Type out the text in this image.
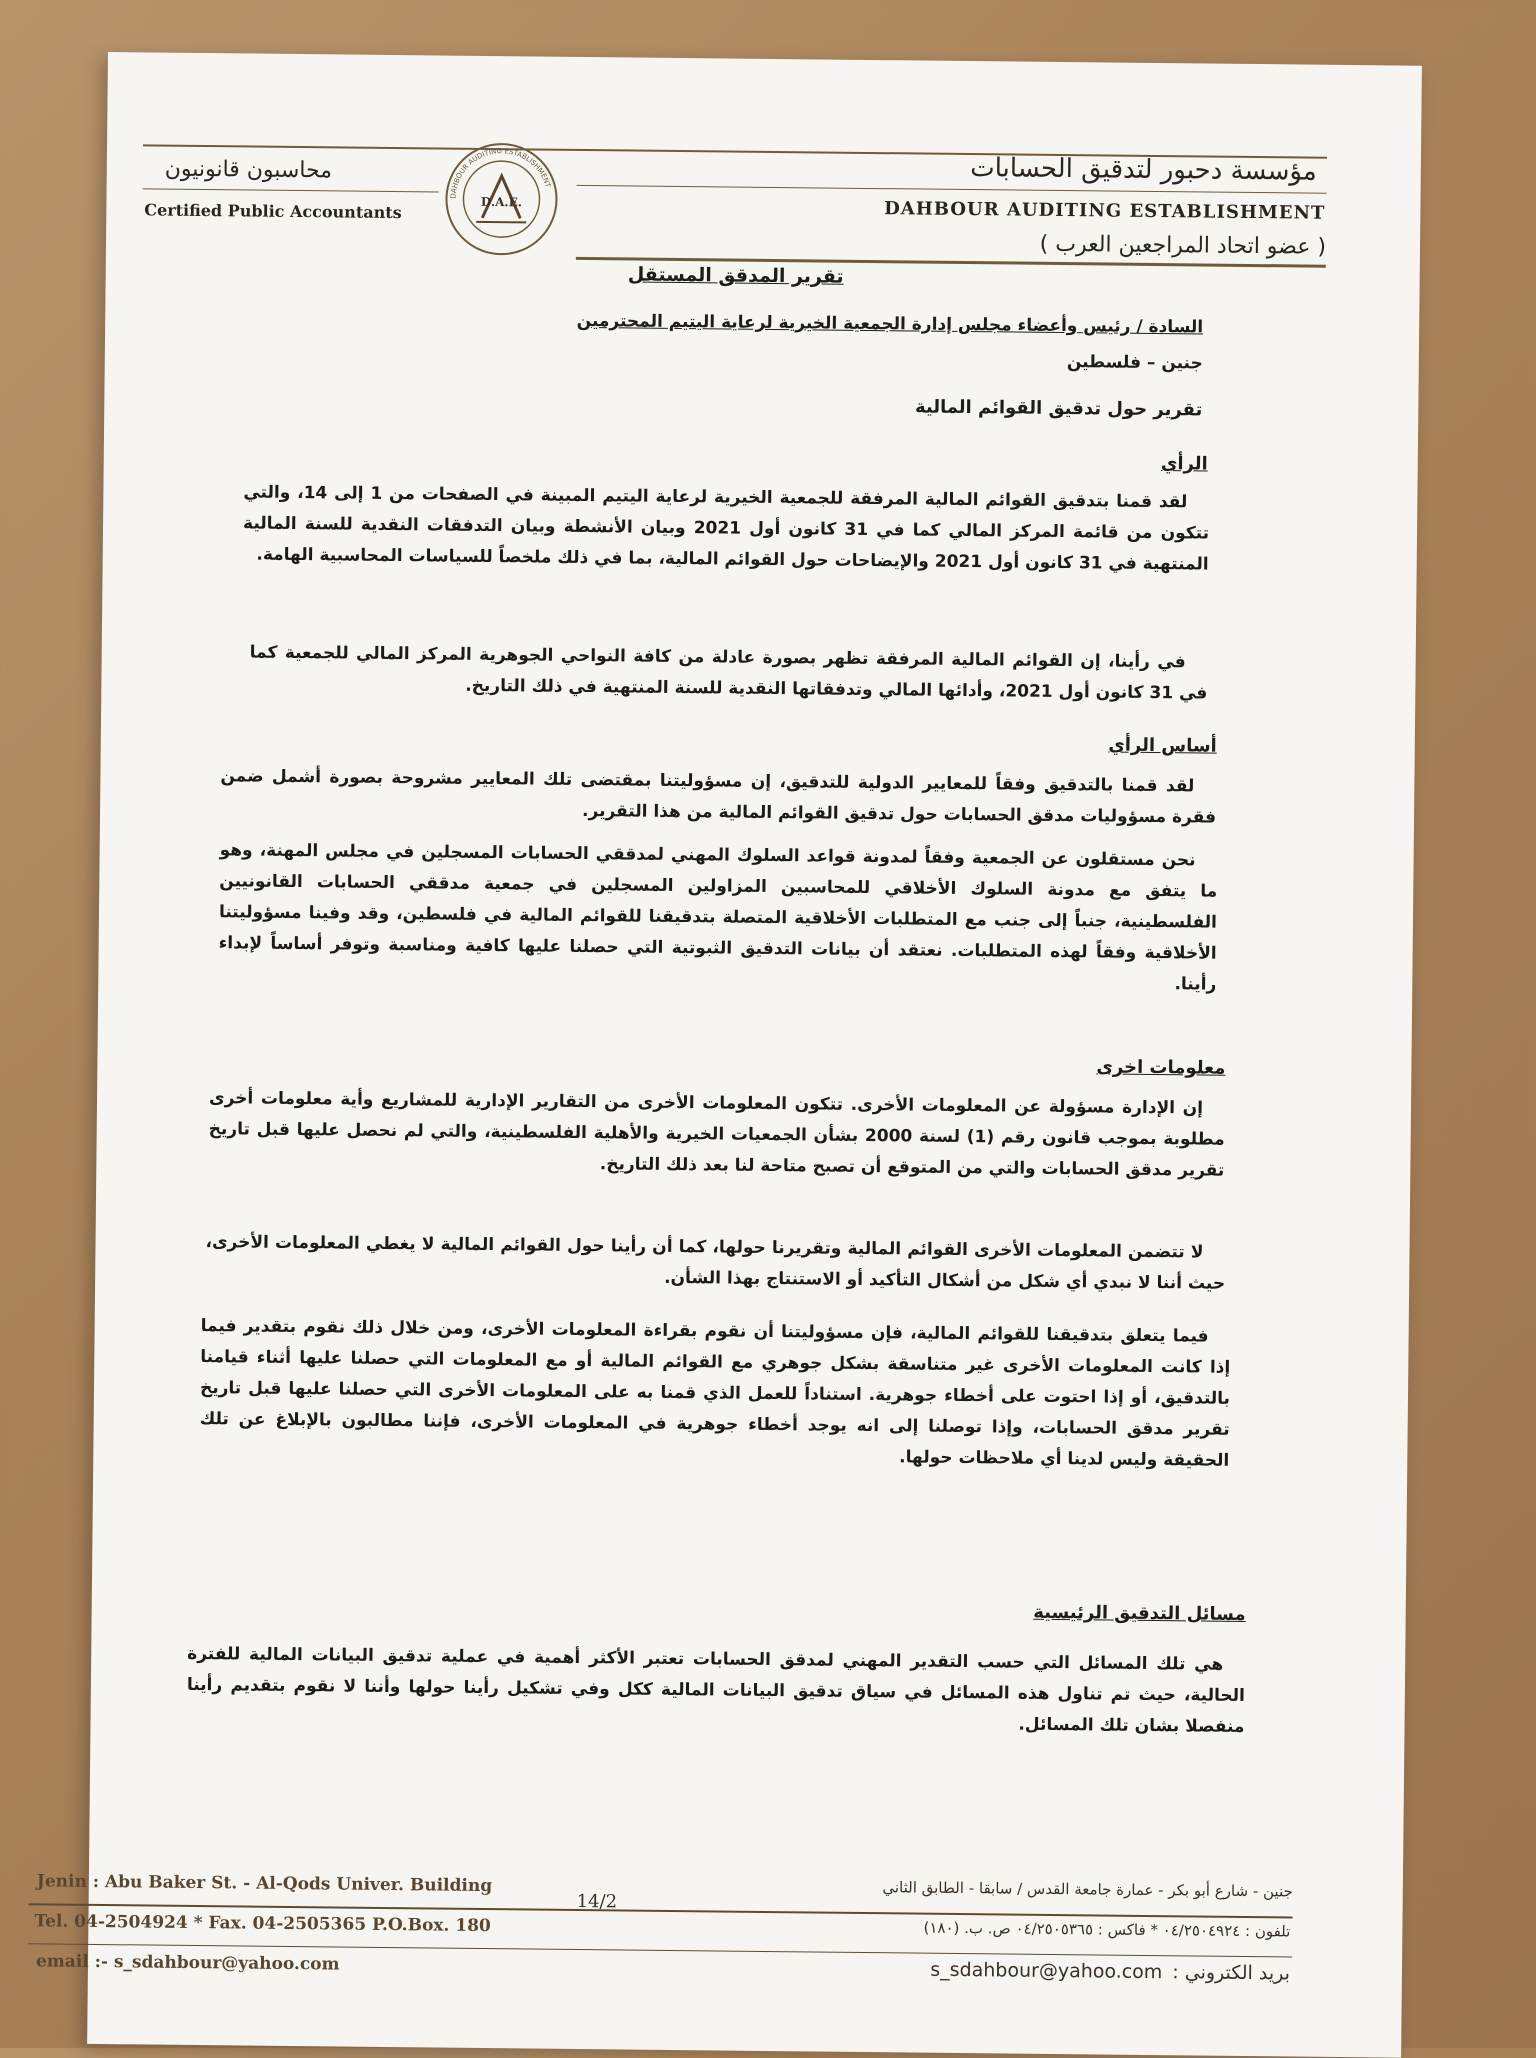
مؤسسة دحبور لتدقيق الحسابات
DAHBOUR AUDITING ESTABLISHMENT
( عضو اتحاد المراجعين العرب )
محاسبون قانونيون
Certified Public Accountants
DAHBOUR AUDITING ESTABLISHMENT
D.A.E.
تقرير المدقق المستقل
السادة / رئيس وأعضاء مجلس إدارة الجمعية الخيرية لرعاية اليتيم المحترمين
جنين – فلسطين
تقرير حول تدقيق القوائم المالية
الرأي
لقد قمنا بتدقيق القوائم المالية المرفقة للجمعية الخيرية لرعاية اليتيم المبينة في الصفحات من 1 إلى 14، والتي تتكون من قائمة المركز المالي كما في 31 كانون أول 2021 وبيان الأنشطة وبيان التدفقات النقدية للسنة المالية المنتهية في 31 كانون أول 2021 والإيضاحات حول القوائم المالية، بما في ذلك ملخصاً للسياسات المحاسبية الهامة.
في رأينا، إن القوائم المالية المرفقة تظهر بصورة عادلة من كافة النواحي الجوهرية المركز المالي للجمعية كما في 31 كانون أول 2021، وأدائها المالي وتدفقاتها النقدية للسنة المنتهية في ذلك التاريخ.
أساس الرأي
لقد قمنا بالتدقيق وفقاً للمعايير الدولية للتدقيق، إن مسؤوليتنا بمقتضى تلك المعايير مشروحة بصورة أشمل ضمن فقرة مسؤوليات مدقق الحسابات حول تدقيق القوائم المالية من هذا التقرير.
نحن مستقلون عن الجمعية وفقاً لمدونة قواعد السلوك المهني لمدققي الحسابات المسجلين في مجلس المهنة، وهو ما يتفق مع مدونة السلوك الأخلاقي للمحاسبين المزاولين المسجلين في جمعية مدققي الحسابات القانونيين الفلسطينية، جنباً إلى جنب مع المتطلبات الأخلاقية المتصلة بتدقيقنا للقوائم المالية في فلسطين، وقد وفينا مسؤوليتنا الأخلاقية وفقاً لهذه المتطلبات. نعتقد أن بيانات التدقيق الثبوتية التي حصلنا عليها كافية ومناسبة وتوفر أساساً لإبداء رأينا.
معلومات اخرى
إن الإدارة مسؤولة عن المعلومات الأخرى. تتكون المعلومات الأخرى من التقارير الإدارية للمشاريع وأية معلومات أخرى مطلوبة بموجب قانون رقم (1) لسنة 2000 بشأن الجمعيات الخيرية والأهلية الفلسطينية، والتي لم نحصل عليها قبل تاريخ تقرير مدقق الحسابات والتي من المتوقع أن تصبح متاحة لنا بعد ذلك التاريخ.
لا تتضمن المعلومات الأخرى القوائم المالية وتقريرنا حولها، كما أن رأينا حول القوائم المالية لا يغطي المعلومات الأخرى، حيث أننا لا نبدي أي شكل من أشكال التأكيد أو الاستنتاج بهذا الشأن.
فيما يتعلق بتدقيقنا للقوائم المالية، فإن مسؤوليتنا أن نقوم بقراءة المعلومات الأخرى، ومن خلال ذلك نقوم بتقدير فيما إذا كانت المعلومات الأخرى غير متناسقة بشكل جوهري مع القوائم المالية أو مع المعلومات التي حصلنا عليها أثناء قيامنا بالتدقيق، أو إذا احتوت على أخطاء جوهرية. استناداً للعمل الذي قمنا به على المعلومات الأخرى التي حصلنا عليها قبل تاريخ تقرير مدقق الحسابات، وإذا توصلنا إلى انه يوجد أخطاء جوهرية في المعلومات الأخرى، فإننا مطالبون بالإبلاغ عن تلك الحقيقة وليس لدينا أي ملاحظات حولها.
مسائل التدقيق الرئيسية
هي تلك المسائل التي حسب التقدير المهني لمدقق الحسابات تعتبر الأكثر أهمية في عملية تدقيق البيانات المالية للفترة الحالية، حيث تم تناول هذه المسائل في سياق تدقيق البيانات المالية ككل وفي تشكيل رأينا حولها وأننا لا نقوم بتقديم رأينا منفصلا بشان تلك المسائل.
Jenin : Abu Baker St. - Al-Qods Univer. Building	جنين - شارع أبو بكر - عمارة جامعة القدس / سابقا - الطابق الثاني
14/2
Tel. 04-2504924 * Fax. 04-2505365 P.O.Box. 180	تلفون : ٠٤/٢٥٠٤٩٢٤ * فاكس : ٠٤/٢٥٠٥٣٦٥ ص. ب. (١٨٠)
email :- s_sdahbour@yahoo.com	بريد الكتروني :
s_sdahbour@yahoo.com
